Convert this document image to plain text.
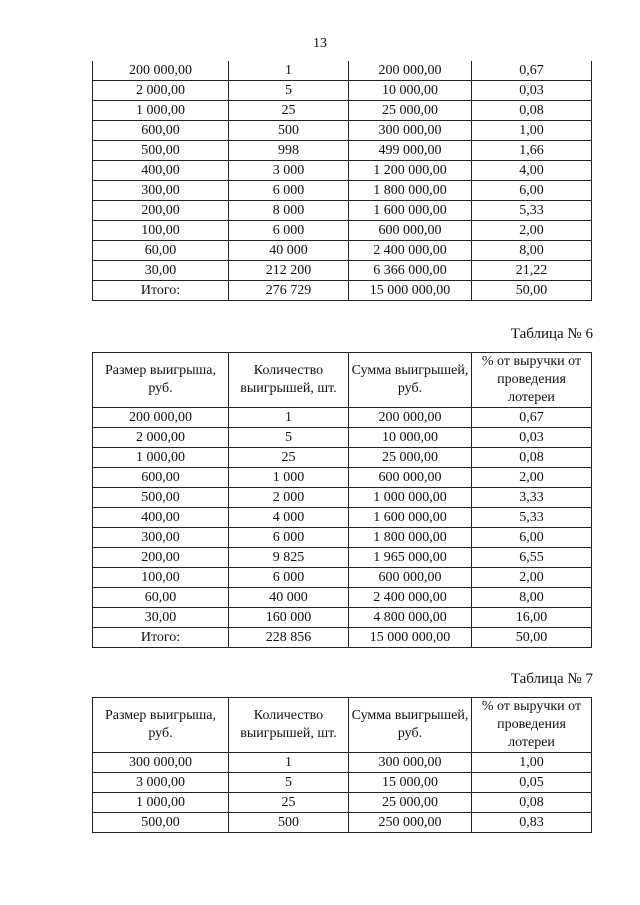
13
200 000,00	1	200 000,00	0,67
2 000,00	5	10 000,00	0,03
1 000,00	25	25 000,00	0,08
600,00	500	300 000,00	1,00
500,00	998	499 000,00	1,66
400,00	3 000	1 200 000,00	4,00
300,00	6 000	1 800 000,00	6,00
200,00	8 000	1 600 000,00	5,33
100,00	6 000	600 000,00	2,00
60,00	40 000	2 400 000,00	8,00
30,00	212 200	6 366 000,00	21,22
Итого:	276 729	15 000 000,00	50,00
Таблица № 6
Размер выигрыша, руб.	Количество выигрышей, шт.	Сумма выигрышей, руб.	% от выручки от проведения лотереи
200 000,00	1	200 000,00	0,67
2 000,00	5	10 000,00	0,03
1 000,00	25	25 000,00	0,08
600,00	1 000	600 000,00	2,00
500,00	2 000	1 000 000,00	3,33
400,00	4 000	1 600 000,00	5,33
300,00	6 000	1 800 000,00	6,00
200,00	9 825	1 965 000,00	6,55
100,00	6 000	600 000,00	2,00
60,00	40 000	2 400 000,00	8,00
30,00	160 000	4 800 000,00	16,00
Итого:	228 856	15 000 000,00	50,00
Таблица № 7
Размер выигрыша, руб.	Количество выигрышей, шт.	Сумма выигрышей, руб.	% от выручки от проведения лотереи
300 000,00	1	300 000,00	1,00
3 000,00	5	15 000,00	0,05
1 000,00	25	25 000,00	0,08
500,00	500	250 000,00	0,83
